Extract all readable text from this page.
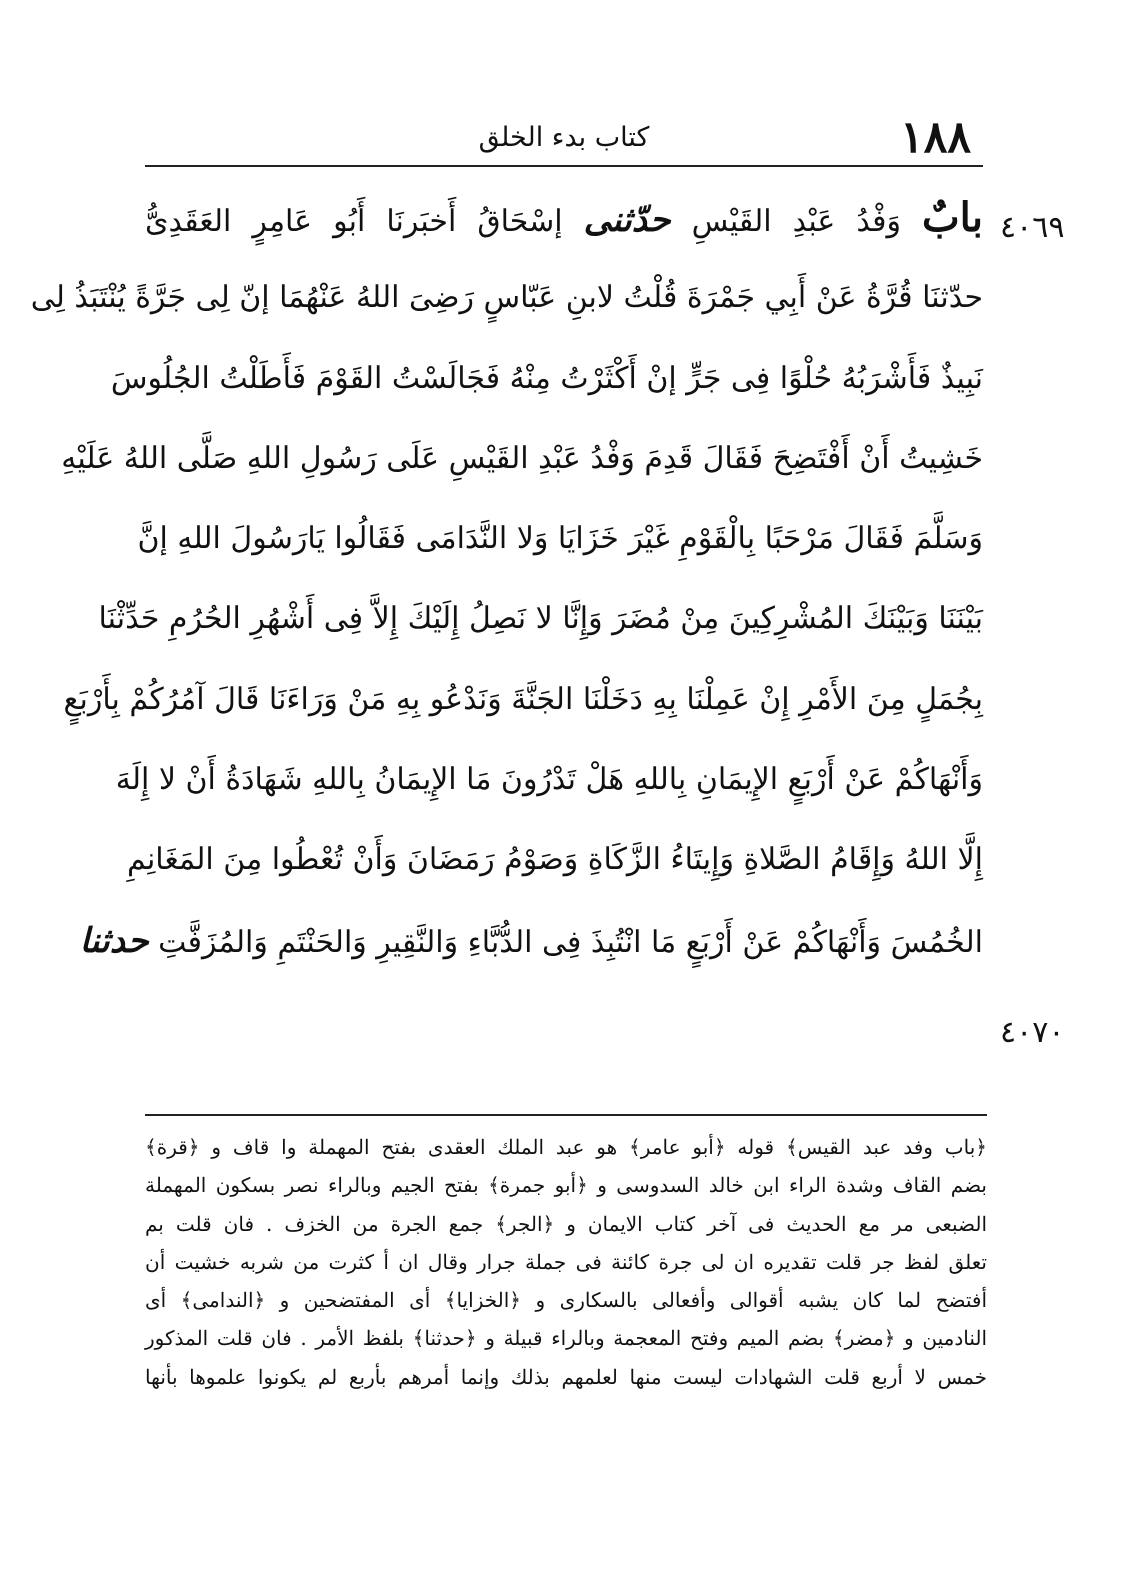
١٨٨
كتاب بدء الخلق
٤٠٦٩
٤٠٧٠
بابٌ وَفْدُ عَبْدِ القَيْسِ حدّثنى إسْحَاقُ أَخبَرنَا أَبُو عَامِرٍ العَقَدِىُّ
حدّثنَا قُرَّةُ عَنْ أَبِي جَمْرَةَ قُلْتُ لابنِ عَبّاسٍ رَضِىَ اللهُ عَنْهُمَا إنّ لِى جَرَّةً يُنْتَبَذُ لِى
نَبِيذٌ فَأَشْرَبُهُ حُلْوًا فِى جَرٍّ إنْ أَكْثَرْتُ مِنْهُ فَجَالَسْتُ القَوْمَ فَأَطَلْتُ الجُلُوسَ
خَشِيتُ أَنْ أَفْتَضِحَ فَقَالَ قَدِمَ وَفْدُ عَبْدِ القَيْسِ عَلَى رَسُولِ اللهِ صَلَّى اللهُ عَلَيْهِ
وَسَلَّمَ فَقَالَ مَرْحَبًا بِالْقَوْمِ غَيْرَ خَزَايَا وَلا النَّدَامَى فَقَالُوا يَارَسُولَ اللهِ إنَّ
بَيْنَنَا وَبَيْنَكَ المُشْرِكِينَ مِنْ مُضَرَ وَإِنَّا لا نَصِلُ إِلَيْكَ إِلاَّ فِى أَشْهُرِ الحُرُمِ حَدِّثْنَا
بِجُمَلٍ مِنَ الأَمْرِ إِنْ عَمِلْنَا بِهِ دَخَلْنَا الجَنَّةَ وَنَدْعُو بِهِ مَنْ وَرَاءَنَا قَالَ آمُرُكُمْ بِأَرْبَعٍ
وَأَنْهَاكُمْ عَنْ أَرْبَعٍ الإِيمَانِ بِاللهِ هَلْ تَدْرُونَ مَا الإِيمَانُ بِاللهِ شَهَادَةُ أَنْ لا إِلَهَ
إِلَّا اللهُ وَإِقَامُ الصَّلاةِ وَإِيتَاءُ الزَّكَاةِ وَصَوْمُ رَمَضَانَ وَأَنْ تُعْطُوا مِنَ المَغَانِمِ
الخُمُسَ وَأَنْهَاكُمْ عَنْ أَرْبَعٍ مَا انْتُبِذَ فِى الدُّبَّاءِ وَالنَّقِيرِ وَالحَنْتَمِ وَالمُزَفَّتِ حدثنا
﴿باب وفد عبد القيس﴾ قوله ﴿أبو عامر﴾ هو عبد الملك العقدى بفتح المهملة وا قاف و ﴿قرة﴾
بضم القاف وشدة الراء ابن خالد السدوسى و ﴿أبو جمرة﴾ بفتح الجيم وبالراء نصر بسكون المهملة
الضبعى مر مع الحديث فى آخر كتاب الايمان و ﴿الجر﴾ جمع الجرة من الخزف . فان قلت بم
تعلق لفظ جر قلت تقديره ان لى جرة كائنة فى جملة جرار وقال ان أ كثرت من شربه خشيت أن
أفتضح لما كان يشبه أقوالى وأفعالى بالسكارى و ﴿الخزايا﴾ أى المفتضحين و ﴿الندامى﴾ أى
النادمين و ﴿مضر﴾ بضم الميم وفتح المعجمة وبالراء قبيلة و ﴿حدثنا﴾ بلفظ الأمر . فان قلت المذكور
خمس لا أربع قلت الشهادات ليست منها لعلمهم بذلك وإنما أمرهم بأربع لم يكونوا علموها بأنها
